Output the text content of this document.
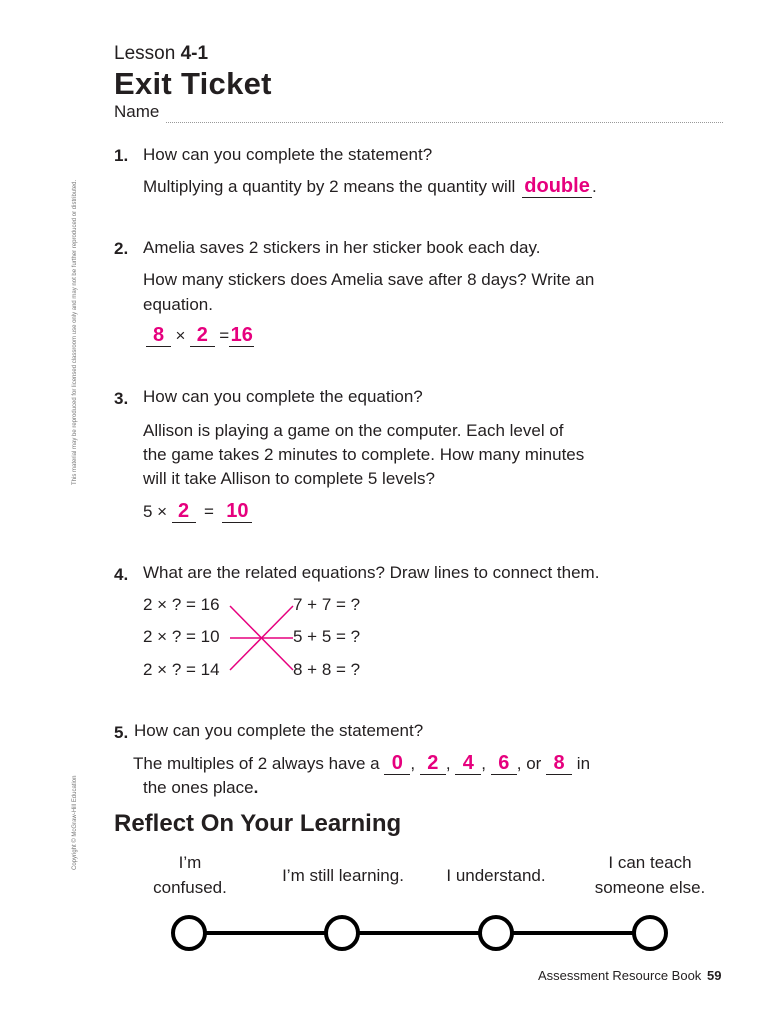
Lesson 4-1
Exit Ticket
Name
This material may be reproduced for licensed classroom use only and may not be further reproduced or distributed.
Copyright © McGraw-Hill Education
1. How can you complete the statement?
Multiplying a quantity by 2 means the quantity will double .
2. Amelia saves 2 stickers in her sticker book each day.
How many stickers does Amelia save after 8 days? Write an
equation.
8 × 2 =16
3. How can you complete the equation?
Allison is playing a game on the computer. Each level of
the game takes 2 minutes to complete. How many minutes
will it take Allison to complete 5 levels?
5 × 2 = 10
4. What are the related equations? Draw lines to connect them.
2 × ? = 16
2 × ? = 10
2 × ? = 14
7 + 7 = ?
5 + 5 = ?
8 + 8 = ?
5. How can you complete the statement?
The multiples of 2 always have a 0 , 2 , 4 , 6 , or 8 in
the ones place.
Reflect On Your Learning
I’m
confused.
I’m still learning.	I understand.
I can teach
someone else.
Assessment Resource Book 59
